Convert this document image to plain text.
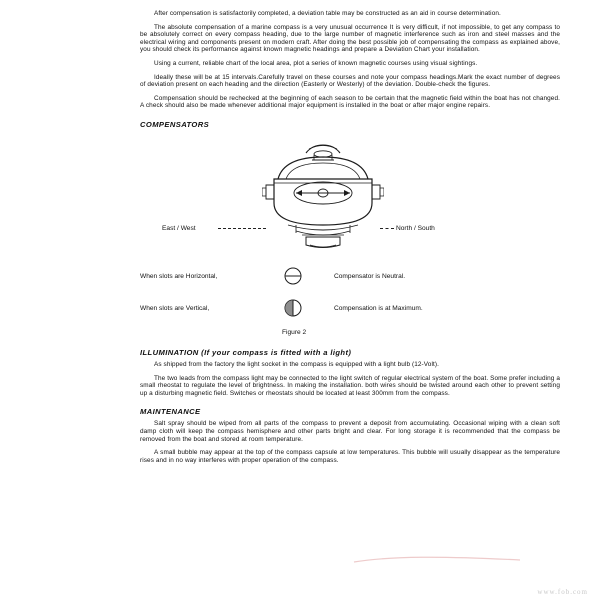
After compensation is satisfactorily completed, a deviation table may be constructed as an aid in course determination.

The absolute compensation of a marine compass is a very unusual occurrence It is very difficult, if not impossible, to get any compass to be absolutely correct on every compass heading, due to the large number of magnetic interference such as iron and steel masses and the electrical wiring and components present on modern craft. After doing the best possible job of compensating the compass as explained above, you should check its performance against known magnetic headings and prepare a Deviation Chart your installation.

Using a current, reliable chart of the local area, plot a series of known magnetic courses using visual sightings.

Ideally these will be at 15 intervals.Carefully travel on these courses and note your compass headings.Mark the exact number of degrees of deviation present on each heading and the direction (Easterly or Westerly) of the deviation. Double-check the figures.

Compensation should be rechecked at the beginning of each season to be certain that the magnetic field within the boat has not changed. A check should also be made whenever additional major equipment is installed in the boat or after major engine repairs.

COMPENSATORS
East / West	North / South
When slots are Horizontal,	Compensator is Neutral.
When slots are Vertical,	Compensation is at Maximum.
Figure 2
ILLUMINATION (If your compass is fitted with a light)

As shipped from the factory the light socket in the compass is equipped with a light bulb (12-Volt).

The two leads from the compass light may be connected to the light switch of regular electrical system of the boat. Some prefer including a small rheostat to regulate the level of brightness. In making the installation. both wires should be twisted around each other to prevent setting up a disturbing magnetic field. Switches or rheostats should be located at least 300mm from the compass.

MAINTENANCE

Salt spray should be wiped from all parts of the compass to prevent a deposit from accumulating. Occasional wiping with a clean soft damp cloth will keep the compass hemisphere and other parts bright and clear. For long storage it is recommended that the compass be removed from the boat and stored at room temperature.

A small bubble may appear at the top of the compass capsule at low temperatures. This bubble will usually disappear as the temperature rises and in no way interferes with proper operation of the compass.

www.fob.com
